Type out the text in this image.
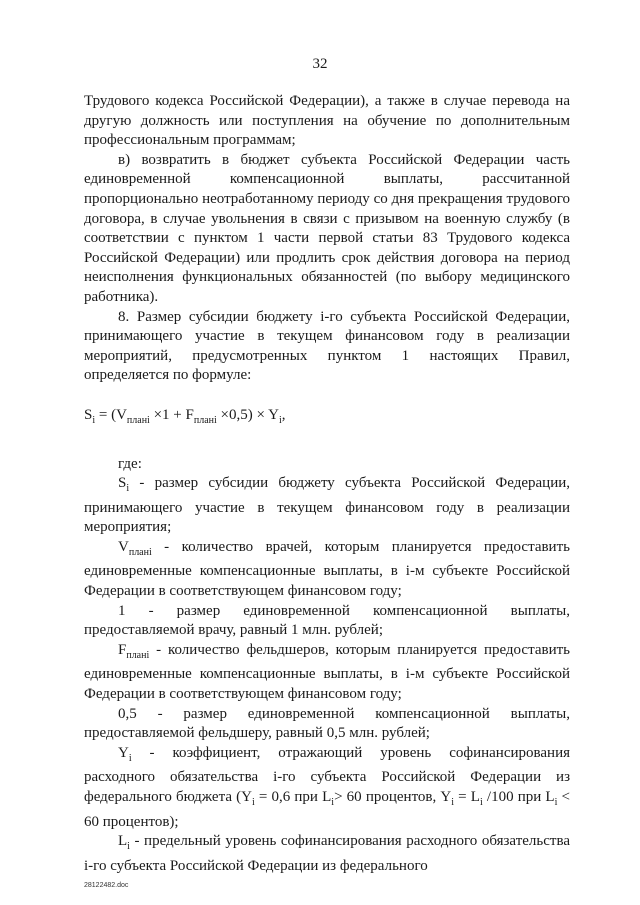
32

Трудового кодекса Российской Федерации), а также в случае перевода на другую должность или поступления на обучение по дополнительным профессиональным программам;

в) возвратить в бюджет субъекта Российской Федерации часть единовременной компенсационной выплаты, рассчитанной пропорционально неотработанному периоду со дня прекращения трудового договора, в случае увольнения в связи с призывом на военную службу (в соответствии с пунктом 1 части первой статьи 83 Трудового кодекса Российской Федерации) или продлить срок действия договора на период неисполнения функциональных обязанностей (по выбору медицинского работника).

8. Размер субсидии бюджету i-го субъекта Российской Федерации, принимающего участие в текущем финансовом году в реализации мероприятий, предусмотренных пунктом 1 настоящих Правил, определяется по формуле:

$S_i = (V_{планi} \times 1 + F_{планi} \times 0,5) \times Y_i$,

где:

$S_i$ - размер субсидии бюджету субъекта Российской Федерации, принимающего участие в текущем финансовом году в реализации мероприятия;

$V_{планi}$ - количество врачей, которым планируется предоставить единовременные компенсационные выплаты, в i-м субъекте Российской Федерации в соответствующем финансовом году;

1 - размер единовременной компенсационной выплаты, предоставляемой врачу, равный 1 млн. рублей;

$F_{планi}$ - количество фельдшеров, которым планируется предоставить единовременные компенсационные выплаты, в i-м субъекте Российской Федерации в соответствующем финансовом году;

0,5 - размер единовременной компенсационной выплаты, предоставляемой фельдшеру, равный 0,5 млн. рублей;

$Y_i$ - коэффициент, отражающий уровень софинансирования расходного обязательства i-го субъекта Российской Федерации из федерального бюджета ($Y_i = 0,6$ при $L_i> 60$ процентов, $Y_i = L_i$ /100 при $L_i < 60$ процентов);

$L_i$ - предельный уровень софинансирования расходного обязательства i-го субъекта Российской Федерации из федерального

28122482.doc
